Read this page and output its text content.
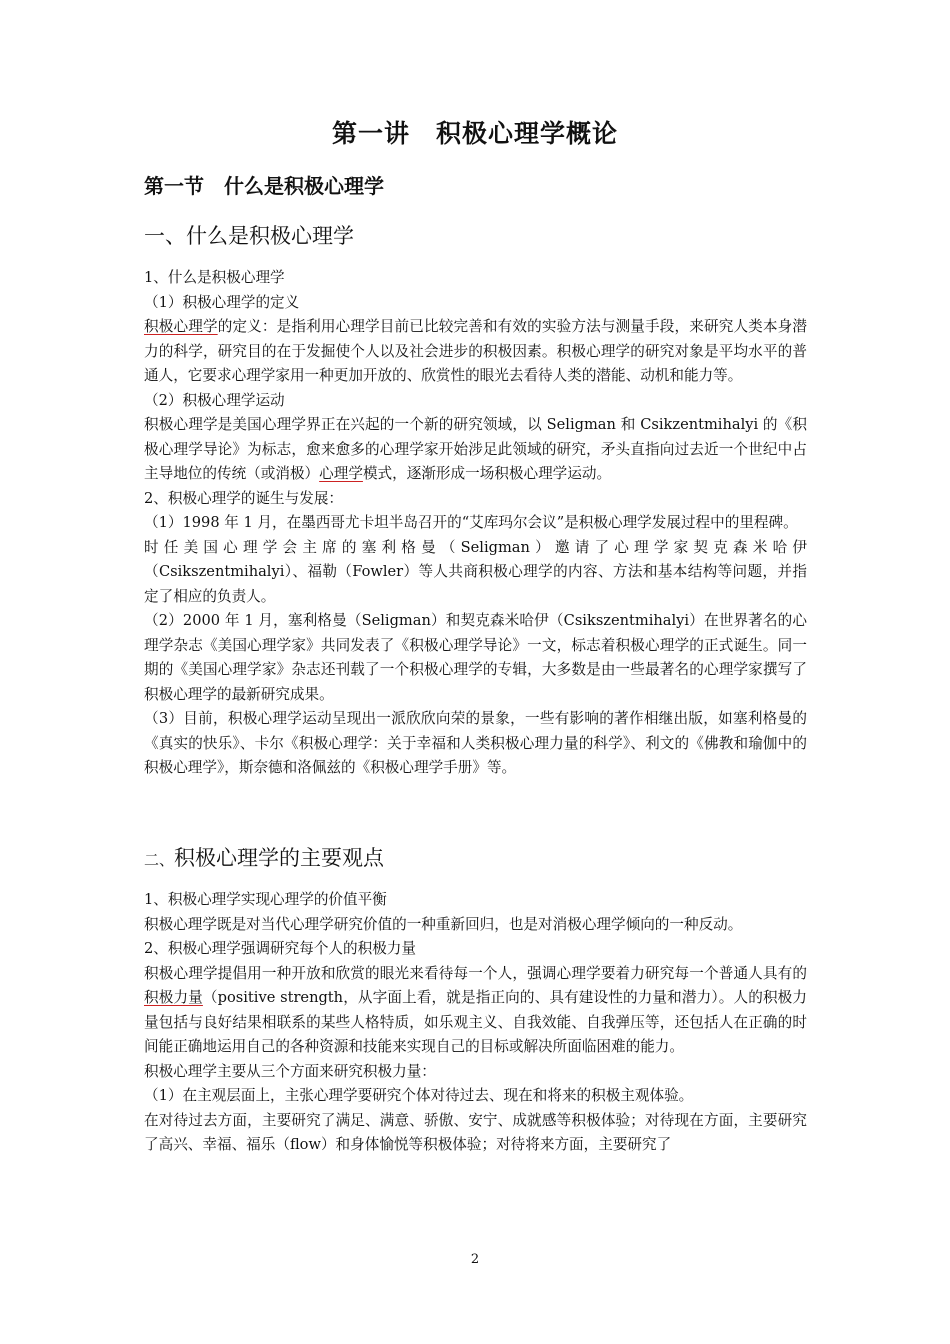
第一讲　积极心理学概论
第一节　什么是积极心理学
一、什么是积极心理学

1、什么是积极心理学

（1）积极心理学的定义

积极心理学的定义：是指利用心理学目前已比较完善和有效的实验方法与测量手段，来研究人类本身潜力的科学，研究目的在于发掘使个人以及社会进步的积极因素。积极心理学的研究对象是平均水平的普通人，它要求心理学家用一种更加开放的、欣赏性的眼光去看待人类的潜能、动机和能力等。

（2）积极心理学运动

积极心理学是美国心理学界正在兴起的一个新的研究领域，以 Seligman 和 Csikzentmihalyi 的《积极心理学导论》为标志，愈来愈多的心理学家开始涉足此领域的研究，矛头直指向过去近一个世纪中占主导地位的传统（或消极）心理学模式，逐渐形成一场积极心理学运动。

2、积极心理学的诞生与发展：

（1）1998 年 1 月，在墨西哥尤卡坦半岛召开的“艾库玛尔会议”是积极心理学发展过程中的里程碑。

时任美国心理学会主席的塞利格曼（Seligman）邀请了心理学家契克森米哈伊（Csikszentmihalyi）、福勒（Fowler）等人共商积极心理学的内容、方法和基本结构等问题，并指定了相应的负责人。

（2）2000 年 1 月，塞利格曼（Seligman）和契克森米哈伊（Csikszentmihalyi）在世界著名的心理学杂志《美国心理学家》共同发表了《积极心理学导论》一文，标志着积极心理学的正式诞生。同一期的《美国心理学家》杂志还刊载了一个积极心理学的专辑，大多数是由一些最著名的心理学家撰写了积极心理学的最新研究成果。

（3）目前，积极心理学运动呈现出一派欣欣向荣的景象，一些有影响的著作相继出版，如塞利格曼的《真实的快乐》、卡尔《积极心理学：关于幸福和人类积极心理力量的科学》、利文的《佛教和瑜伽中的积极心理学》，斯奈德和洛佩兹的《积极心理学手册》等。

二、积极心理学的主要观点

1、积极心理学实现心理学的价值平衡

积极心理学既是对当代心理学研究价值的一种重新回归，也是对消极心理学倾向的一种反动。

2、积极心理学强调研究每个人的积极力量

积极心理学提倡用一种开放和欣赏的眼光来看待每一个人，强调心理学要着力研究每一个普通人具有的积极力量（positive strength，从字面上看，就是指正向的、具有建设性的力量和潜力）。人的积极力量包括与良好结果相联系的某些人格特质，如乐观主义、自我效能、自我弹压等，还包括人在正确的时间能正确地运用自己的各种资源和技能来实现自己的目标或解决所面临困难的能力。

积极心理学主要从三个方面来研究积极力量：

（1）在主观层面上，主张心理学要研究个体对待过去、现在和将来的积极主观体验。

在对待过去方面，主要研究了满足、满意、骄傲、安宁、成就感等积极体验；对待现在方面，主要研究了高兴、幸福、福乐（flow）和身体愉悦等积极体验；对待将来方面，主要研究了

2
